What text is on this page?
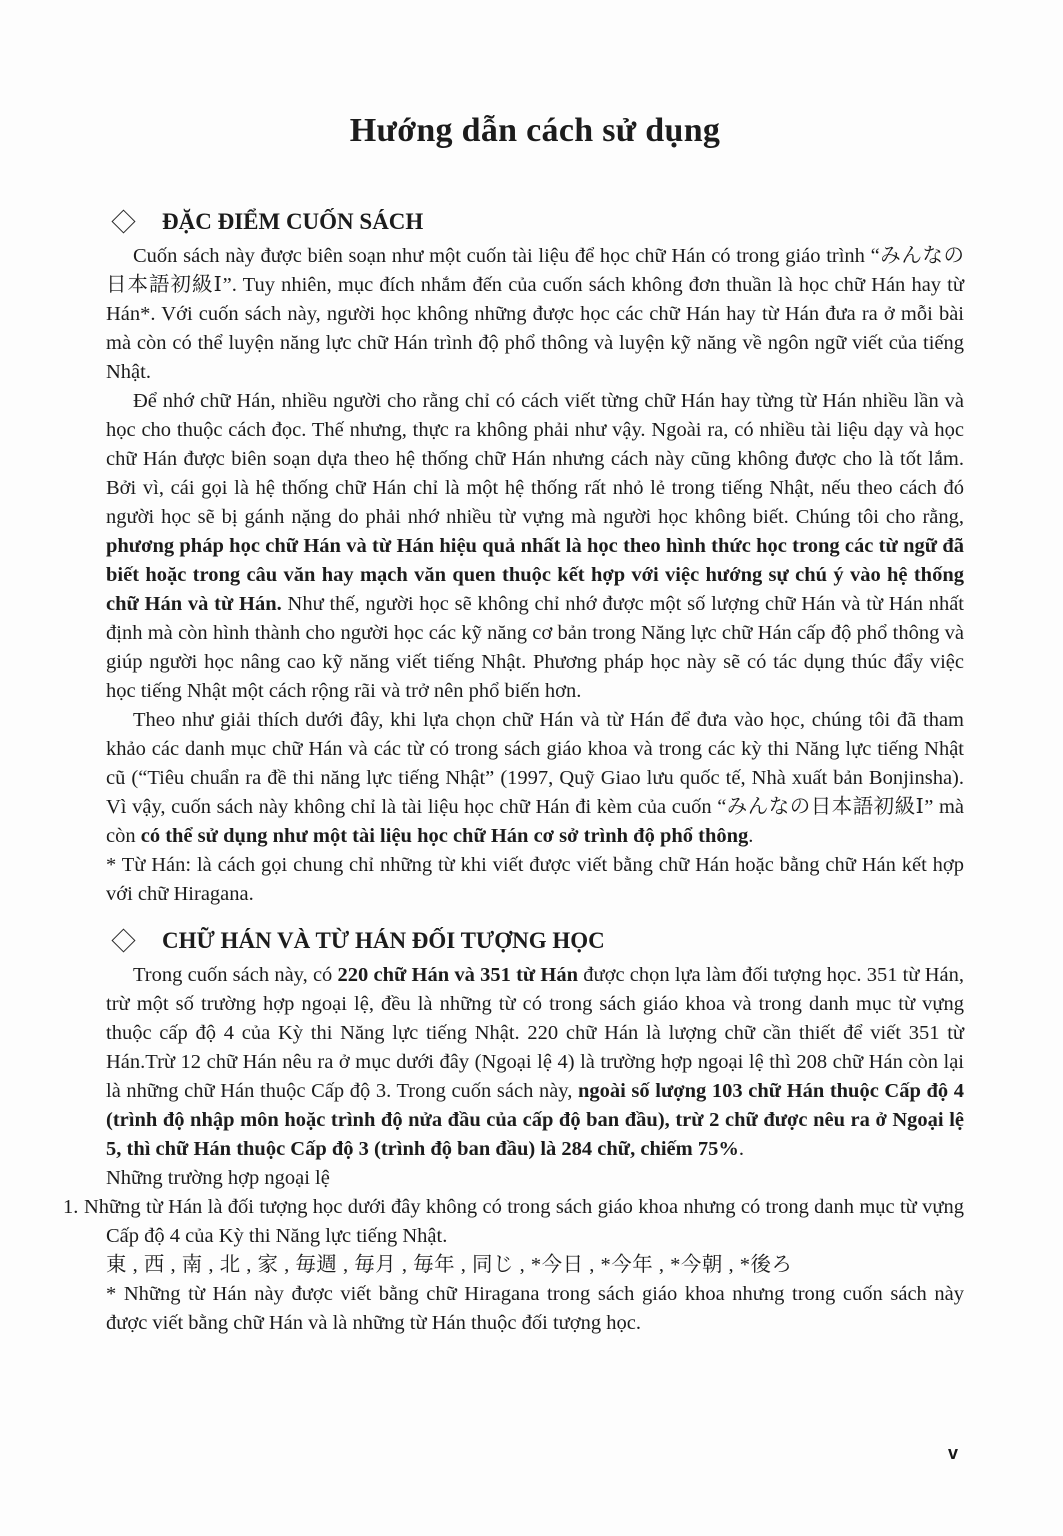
Hướng dẫn cách sử dụng
ĐẶC ĐIỂM CUỐN SÁCH

Cuốn sách này được biên soạn như một cuốn tài liệu để học chữ Hán có trong giáo trình “みんなの日本語初級Ⅰ”. Tuy nhiên, mục đích nhắm đến của cuốn sách không đơn thuần là học chữ Hán hay từ Hán*. Với cuốn sách này, người học không những được học các chữ Hán hay từ Hán đưa ra ở mỗi bài mà còn có thể luyện năng lực chữ Hán trình độ phổ thông và luyện kỹ năng về ngôn ngữ viết của tiếng Nhật.

Để nhớ chữ Hán, nhiều người cho rằng chỉ có cách viết từng chữ Hán hay từng từ Hán nhiều lần và học cho thuộc cách đọc. Thế nhưng, thực ra không phải như vậy. Ngoài ra, có nhiều tài liệu dạy và học chữ Hán được biên soạn dựa theo hệ thống chữ Hán nhưng cách này cũng không được cho là tốt lắm. Bởi vì, cái gọi là hệ thống chữ Hán chỉ là một hệ thống rất nhỏ lẻ trong tiếng Nhật, nếu theo cách đó người học sẽ bị gánh nặng do phải nhớ nhiều từ vựng mà người học không biết. Chúng tôi cho rằng, phương pháp học chữ Hán và từ Hán hiệu quả nhất là học theo hình thức học trong các từ ngữ đã biết hoặc trong câu văn hay mạch văn quen thuộc kết hợp với việc hướng sự chú ý vào hệ thống chữ Hán và từ Hán. Như thế, người học sẽ không chỉ nhớ được một số lượng chữ Hán và từ Hán nhất định mà còn hình thành cho người học các kỹ năng cơ bản trong Năng lực chữ Hán cấp độ phổ thông và giúp người học nâng cao kỹ năng viết tiếng Nhật. Phương pháp học này sẽ có tác dụng thúc đẩy việc học tiếng Nhật một cách rộng rãi và trở nên phổ biến hơn.

Theo như giải thích dưới đây, khi lựa chọn chữ Hán và từ Hán để đưa vào học, chúng tôi đã tham khảo các danh mục chữ Hán và các từ có trong sách giáo khoa và trong các kỳ thi Năng lực tiếng Nhật cũ (“Tiêu chuẩn ra đề thi năng lực tiếng Nhật” (1997, Quỹ Giao lưu quốc tế, Nhà xuất bản Bonjinsha). Vì vậy, cuốn sách này không chỉ là tài liệu học chữ Hán đi kèm của cuốn “みんなの日本語初級Ⅰ” mà còn có thể sử dụng như một tài liệu học chữ Hán cơ sở trình độ phổ thông.

* Từ Hán: là cách gọi chung chỉ những từ khi viết được viết bằng chữ Hán hoặc bằng chữ Hán kết hợp với chữ Hiragana.

CHỮ HÁN VÀ TỪ HÁN ĐỐI TƯỢNG HỌC

Trong cuốn sách này, có 220 chữ Hán và 351 từ Hán được chọn lựa làm đối tượng học. 351 từ Hán, trừ một số trường hợp ngoại lệ, đều là những từ có trong sách giáo khoa và trong danh mục từ vựng thuộc cấp độ 4 của Kỳ thi Năng lực tiếng Nhật. 220 chữ Hán là lượng chữ cần thiết để viết 351 từ Hán.Trừ 12 chữ Hán nêu ra ở mục dưới đây (Ngoại lệ 4) là trường hợp ngoại lệ thì 208 chữ Hán còn lại là những chữ Hán thuộc Cấp độ 3. Trong cuốn sách này, ngoài số lượng 103 chữ Hán thuộc Cấp độ 4 (trình độ nhập môn hoặc trình độ nửa đầu của cấp độ ban đầu), trừ 2 chữ được nêu ra ở Ngoại lệ 5, thì chữ Hán thuộc Cấp độ 3 (trình độ ban đầu) là 284 chữ, chiếm 75%.

Những trường hợp ngoại lệ

1. Những từ Hán là đối tượng học dưới đây không có trong sách giáo khoa nhưng có trong danh mục từ vựng Cấp độ 4 của Kỳ thi Năng lực tiếng Nhật.

東 , 西 , 南 , 北 , 家 , 毎週 , 毎月 , 毎年 , 同じ , *今日 , *今年 , *今朝 , *後ろ

* Những từ Hán này được viết bằng chữ Hiragana trong sách giáo khoa nhưng trong cuốn sách này được viết bằng chữ Hán và là những từ Hán thuộc đối tượng học.

v
